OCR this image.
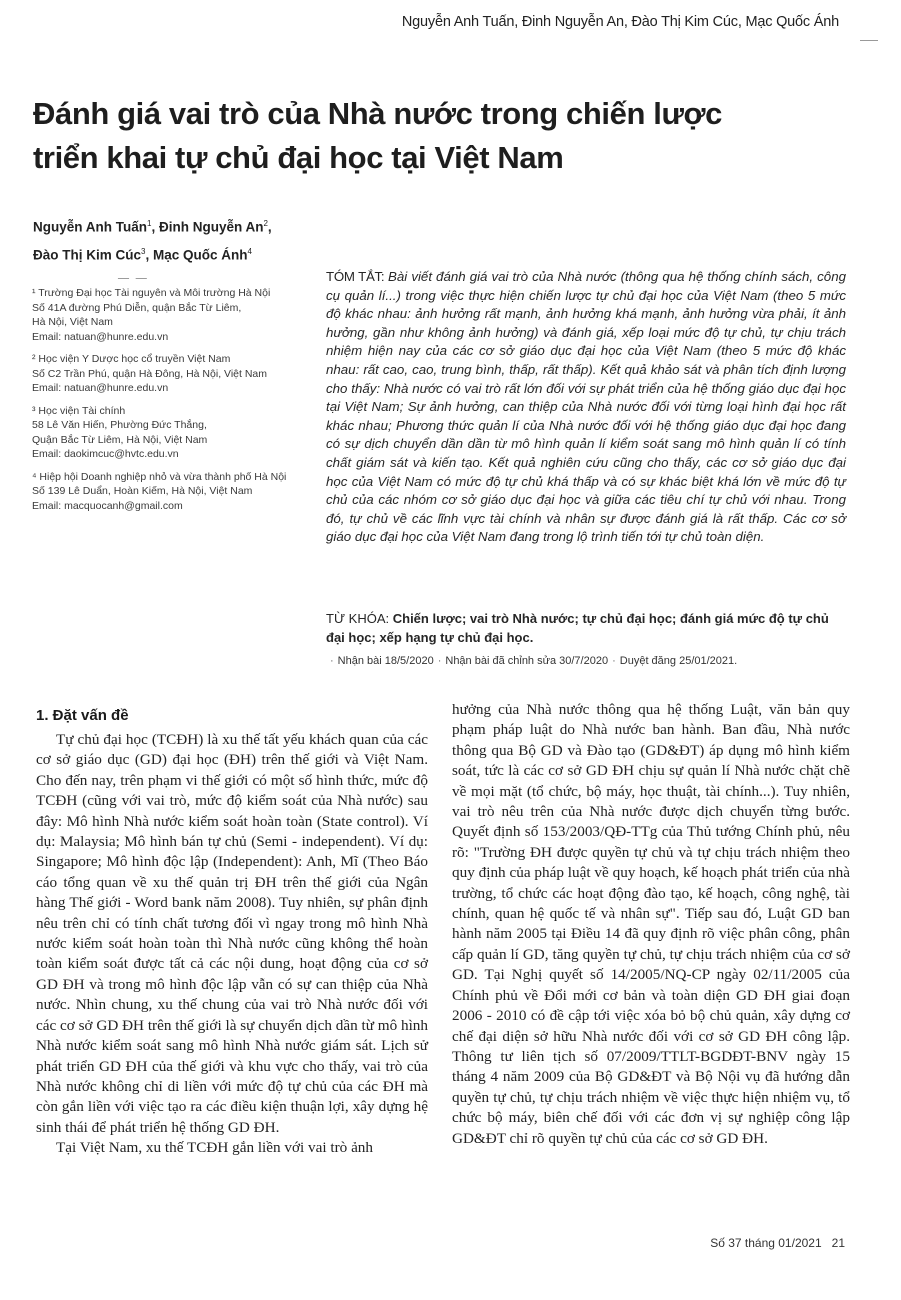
Nguyễn Anh Tuấn, Đinh Nguyễn An, Đào Thị Kim Cúc, Mạc Quốc Ánh
Đánh giá vai trò của Nhà nước trong chiến lược
triển khai tự chủ đại học tại Việt Nam
Nguyễn Anh Tuấn$^1$, Đinh Nguyễn An$^2$,
Đào Thị Kim Cúc$^3$, Mạc Quốc Ánh$^4$
— —
¹ Trường Đại học Tài nguyên và Môi trường Hà Nội
Số 41A đường Phú Diễn, quận Bắc Từ Liêm,
Hà Nội, Việt Nam
Email: natuan@hunre.edu.vn
² Học viện Y Dược học cổ truyền Việt Nam
Số C2 Trần Phú, quận Hà Đông, Hà Nội, Việt Nam
Email: natuan@hunre.edu.vn
³ Học viện Tài chính
58 Lê Văn Hiến, Phường Đức Thắng,
Quận Bắc Từ Liêm, Hà Nội, Việt Nam
Email: daokimcuc@hvtc.edu.vn
⁴ Hiệp hội Doanh nghiệp nhỏ và vừa thành phố Hà Nội
Số 139 Lê Duẩn, Hoàn Kiếm, Hà Nội, Việt Nam
Email: macquocanh@gmail.com

TÓM TẮT: Bài viết đánh giá vai trò của Nhà nước (thông qua hệ thống chính sách, công cụ quản lí...) trong việc thực hiện chiến lược tự chủ đại học của Việt Nam (theo 5 mức độ khác nhau: ảnh hưởng rất mạnh, ảnh hưởng khá mạnh, ảnh hưởng vừa phải, ít ảnh hưởng, gần như không ảnh hưởng) và đánh giá, xếp loại mức độ tự chủ, tự chịu trách nhiệm hiện nay của các cơ sở giáo dục đại học của Việt Nam (theo 5 mức độ khác nhau: rất cao, cao, trung bình, thấp, rất thấp). Kết quả khảo sát và phân tích định lượng cho thấy: Nhà nước có vai trò rất lớn đối với sự phát triển của hệ thống giáo dục đại học tại Việt Nam; Sự ảnh hưởng, can thiệp của Nhà nước đối với từng loại hình đại học rất khác nhau; Phương thức quản lí của Nhà nước đối với hệ thống giáo dục đại học đang có sự dịch chuyển dần dần từ mô hình quản lí kiểm soát sang mô hình quản lí có tính chất giám sát và kiến tạo. Kết quả nghiên cứu cũng cho thấy, các cơ sở giáo dục đại học của Việt Nam có mức độ tự chủ khá thấp và có sự khác biệt khá lớn về mức độ tự chủ của các nhóm cơ sở giáo dục đại học và giữa các tiêu chí tự chủ với nhau. Trong đó, tự chủ về các lĩnh vực tài chính và nhân sự được đánh giá là rất thấp. Các cơ sở giáo dục đại học của Việt Nam đang trong lộ trình tiến tới tự chủ toàn diện.

TỪ KHÓA: Chiến lược; vai trò Nhà nước; tự chủ đại học; đánh giá mức độ tự chủ đại học; xếp hạng tự chủ đại học.

· Nhận bài 18/5/2020 · Nhận bài đã chỉnh sửa 30/7/2020 · Duyệt đăng 25/01/2021.
1. Đặt vấn đề

Tự chủ đại học (TCĐH) là xu thế tất yếu khách quan của các cơ sở giáo dục (GD) đại học (ĐH) trên thế giới và Việt Nam. Cho đến nay, trên phạm vi thế giới có một số hình thức, mức độ TCĐH (cũng với vai trò, mức độ kiểm soát của Nhà nước) sau đây: Mô hình Nhà nước kiểm soát hoàn toàn (State control). Ví dụ: Malaysia; Mô hình bán tự chủ (Semi - independent). Ví dụ: Singapore; Mô hình độc lập (Independent): Anh, Mĩ (Theo Báo cáo tổng quan về xu thế quản trị ĐH trên thế giới của Ngân hàng Thế giới - Word bank năm 2008). Tuy nhiên, sự phân định nêu trên chỉ có tính chất tương đối vì ngay trong mô hình Nhà nước kiểm soát hoàn toàn thì Nhà nước cũng không thể hoàn toàn kiểm soát được tất cả các nội dung, hoạt động của cơ sở GD ĐH và trong mô hình độc lập vẫn có sự can thiệp của Nhà nước. Nhìn chung, xu thế chung của vai trò Nhà nước đối với các cơ sở GD ĐH trên thế giới là sự chuyển dịch dần từ mô hình Nhà nước kiểm soát sang mô hình Nhà nước giám sát. Lịch sử phát triển GD ĐH của thế giới và khu vực cho thấy, vai trò của Nhà nước không chỉ di liền với mức độ tự chủ của các ĐH mà còn gắn liền với việc tạo ra các điều kiện thuận lợi, xây dựng hệ sinh thái để phát triển hệ thống GD ĐH.

Tại Việt Nam, xu thế TCĐH gắn liền với vai trò ảnh

hưởng của Nhà nước thông qua hệ thống Luật, văn bản quy phạm pháp luật do Nhà nước ban hành. Ban đầu, Nhà nước thông qua Bộ GD và Đào tạo (GD&ĐT) áp dụng mô hình kiểm soát, tức là các cơ sở GD ĐH chịu sự quản lí Nhà nước chặt chẽ về mọi mặt (tổ chức, bộ máy, học thuật, tài chính...). Tuy nhiên, vai trò nêu trên của Nhà nước được dịch chuyển từng bước. Quyết định số 153/2003/QĐ-TTg của Thủ tướng Chính phủ, nêu rõ: "Trường ĐH được quyền tự chủ và tự chịu trách nhiệm theo quy định của pháp luật về quy hoạch, kế hoạch phát triển của nhà trường, tổ chức các hoạt động đào tạo, kế hoạch, công nghệ, tài chính, quan hệ quốc tế và nhân sự". Tiếp sau đó, Luật GD ban hành năm 2005 tại Điều 14 đã quy định rõ việc phân công, phân cấp quản lí GD, tăng quyền tự chủ, tự chịu trách nhiệm của cơ sở GD. Tại Nghị quyết số 14/2005/NQ-CP ngày 02/11/2005 của Chính phủ về Đổi mới cơ bản và toàn diện GD ĐH giai đoạn 2006 - 2010 có đề cập tới việc xóa bỏ bộ chủ quản, xây dựng cơ chế đại diện sở hữu Nhà nước đối với cơ sở GD ĐH công lập. Thông tư liên tịch số 07/2009/TTLT-BGDĐT-BNV ngày 15 tháng 4 năm 2009 của Bộ GD&ĐT và Bộ Nội vụ đã hướng dẫn quyền tự chủ, tự chịu trách nhiệm về việc thực hiện nhiệm vụ, tổ chức bộ máy, biên chế đối với các đơn vị sự nghiệp công lập GD&ĐT chỉ rõ quyền tự chủ của các cơ sở GD ĐH.

Số 37 tháng 01/2021 21
